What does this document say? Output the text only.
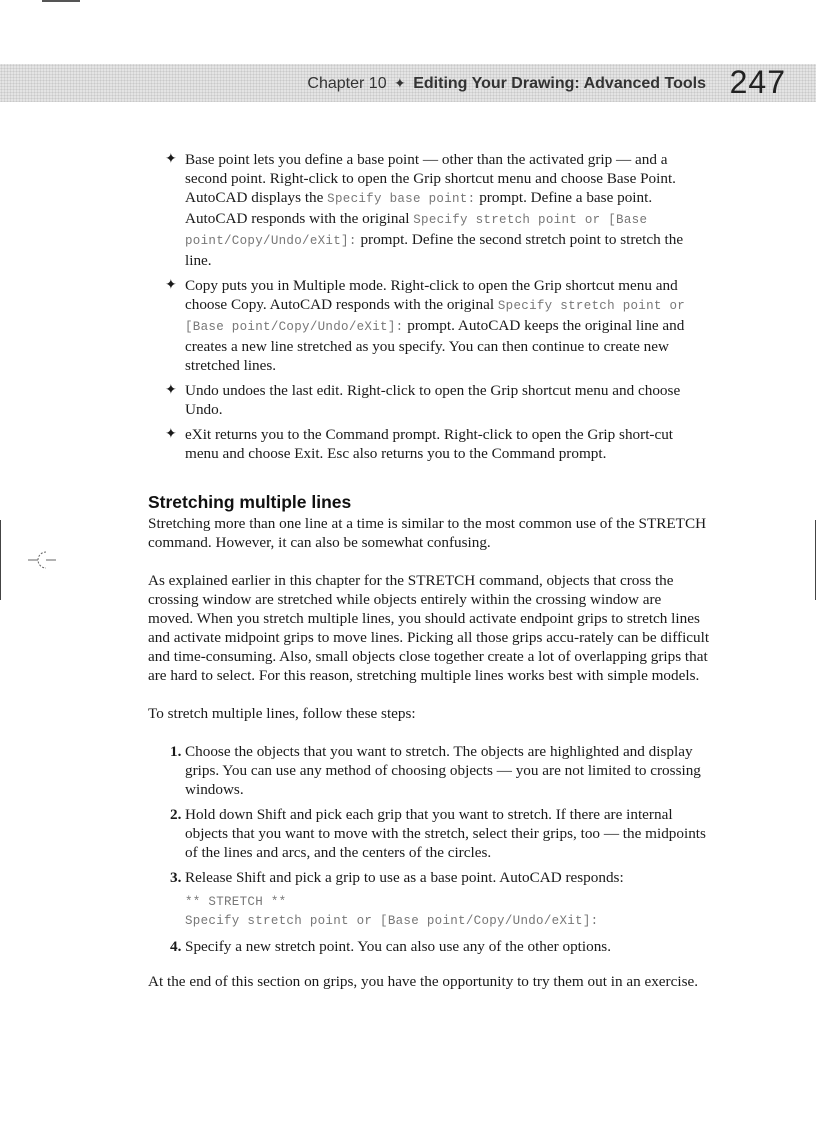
Chapter 10 ✦ Editing Your Drawing: Advanced Tools 247
✦ Base point lets you define a base point — other than the activated grip — and a second point. Right-click to open the Grip shortcut menu and choose Base Point. AutoCAD displays the Specify base point: prompt. Define a base point. AutoCAD responds with the original Specify stretch point or [Base point/Copy/Undo/eXit]: prompt. Define the second stretch point to stretch the line.
✦ Copy puts you in Multiple mode. Right-click to open the Grip shortcut menu and choose Copy. AutoCAD responds with the original Specify stretch point or [Base point/Copy/Undo/eXit]: prompt. AutoCAD keeps the original line and creates a new line stretched as you specify. You can then continue to create new stretched lines.
✦ Undo undoes the last edit. Right-click to open the Grip shortcut menu and choose Undo.
✦ eXit returns you to the Command prompt. Right-click to open the Grip short-cut menu and choose Exit. Esc also returns you to the Command prompt.
Stretching multiple lines

Stretching more than one line at a time is similar to the most common use of the STRETCH command. However, it can also be somewhat confusing.

As explained earlier in this chapter for the STRETCH command, objects that cross the crossing window are stretched while objects entirely within the crossing window are moved. When you stretch multiple lines, you should activate endpoint grips to stretch lines and activate midpoint grips to move lines. Picking all those grips accu-rately can be difficult and time-consuming. Also, small objects close together create a lot of overlapping grips that are hard to select. For this reason, stretching multiple lines works best with simple models.

To stretch multiple lines, follow these steps:

1. Choose the objects that you want to stretch. The objects are highlighted and display grips. You can use any method of choosing objects — you are not limited to crossing windows.
2. Hold down Shift and pick each grip that you want to stretch. If there are internal objects that you want to move with the stretch, select their grips, too — the midpoints of the lines and arcs, and the centers of the circles.
3. Release Shift and pick a grip to use as a base point. AutoCAD responds:
** STRETCH **
Specify stretch point or [Base point/Copy/Undo/eXit]:
4. Specify a new stretch point. You can also use any of the other options.

At the end of this section on grips, you have the opportunity to try them out in an exercise.
